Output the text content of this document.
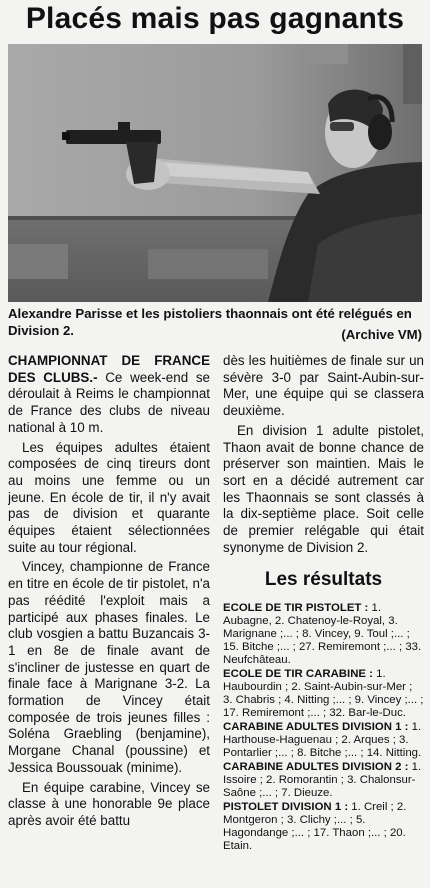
Placés mais pas gagnants
Alexandre Parisse et les pistoliers thaonnais ont été relégués en Division 2.	(Archive VM)

CHAMPIONNAT DE FRANCE DES CLUBS.- Ce week-end se déroulait à Reims le championnat de France des clubs de niveau national à 10 m.

Les équipes adultes étaient composées de cinq tireurs dont au moins une femme ou un jeune. En école de tir, il n'y avait pas de division et quarante équipes étaient sélectionnées suite au tour régional.

Vincey, championne de France en titre en école de tir pistolet, n'a pas réédité l'exploit mais a participé aux phases finales. Le club vosgien a battu Buzancais 3-1 en 8e de finale avant de s'incliner de justesse en quart de finale face à Marignane 3-2. La formation de Vincey était composée de trois jeunes filles : Soléna Graebling (benjamine), Morgane Chanal (poussine) et Jessica Boussouak (minime).

En équipe carabine, Vincey se classe à une honorable 9e place après avoir été battu

dès les huitièmes de finale sur un sévère 3-0 par Saint-Aubin-sur-Mer, une équipe qui se classera deuxième.

En division 1 adulte pistolet, Thaon avait de bonne chance de préserver son maintien. Mais le sort en a décidé autrement car les Thaonnais se sont classés à la dix-septième place. Soit celle de premier relégable qui était synonyme de Division 2.

Les résultats
ECOLE DE TIR PISTOLET : 1. Aubagne, 2. Chatenoy-le-Royal, 3. Marignane ;... ; 8. Vincey, 9. Toul ;... ; 15. Bitche ;... ; 27. Remiremont ;... ; 33. Neufchâteau.
ECOLE DE TIR CARABINE : 1. Haubourdin ; 2. Saint-Aubin-sur-Mer ; 3. Chabris ; 4. Nitting ;... ; 9. Vincey ;... ; 17. Remiremont ;... ; 32. Bar-le-Duc.
CARABINE ADULTES DIVISION 1 : 1. Harthouse-Haguenau ; 2. Arques ; 3. Pontarlier ;... ; 8. Bitche ;... ; 14. Nitting.
CARABINE ADULTES DIVISION 2 : 1. Issoire ; 2. Romorantin ; 3. Chalonsur-Saône ;... ; 7. Dieuze.
PISTOLET DIVISION 1 : 1. Creil ; 2. Montgeron ; 3. Clichy ;... ; 5. Hagondange ;... ; 17. Thaon ;... ; 20. Etain.
